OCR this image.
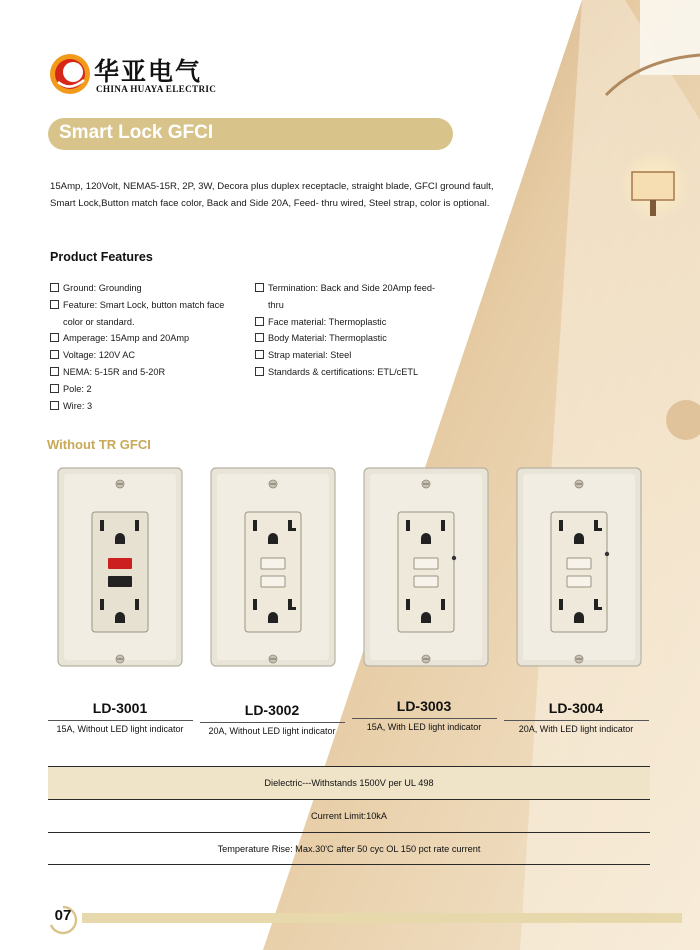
华亚电气
CHINA HUAYA ELECTRIC
Smart Lock GFCI
15Amp, 120Volt, NEMA5-15R, 2P, 3W, Decora plus duplex receptacle, straight blade, GFCI ground fault, Smart Lock,Button match face color, Back and Side 20A, Feed- thru wired, Steel strap, color is optional.
Product Features
Ground: Grounding
Feature: Smart Lock, button match face color or standard.
Amperage: 15Amp and 20Amp
Voltage: 120V AC
NEMA: 5-15R and 5-20R
Pole: 2
Wire: 3
Termination: Back and Side 20Amp feed-thru
Face material: Thermoplastic
Body Material: Thermoplastic
Strap material: Steel
Standards & certifications: ETL/cETL
Without TR GFCI
LD-3001
15A, Without LED light indicator
LD-3002
20A, Without LED light indicator
LD-3003
15A, With LED light indicator
LD-3004
20A, With LED light indicator
Dielectric---Withstands 1500V per UL 498
Current Limit:10kA
Temperature Rise: Max.30'C after 50 cyc OL 150 pct rate current
07
